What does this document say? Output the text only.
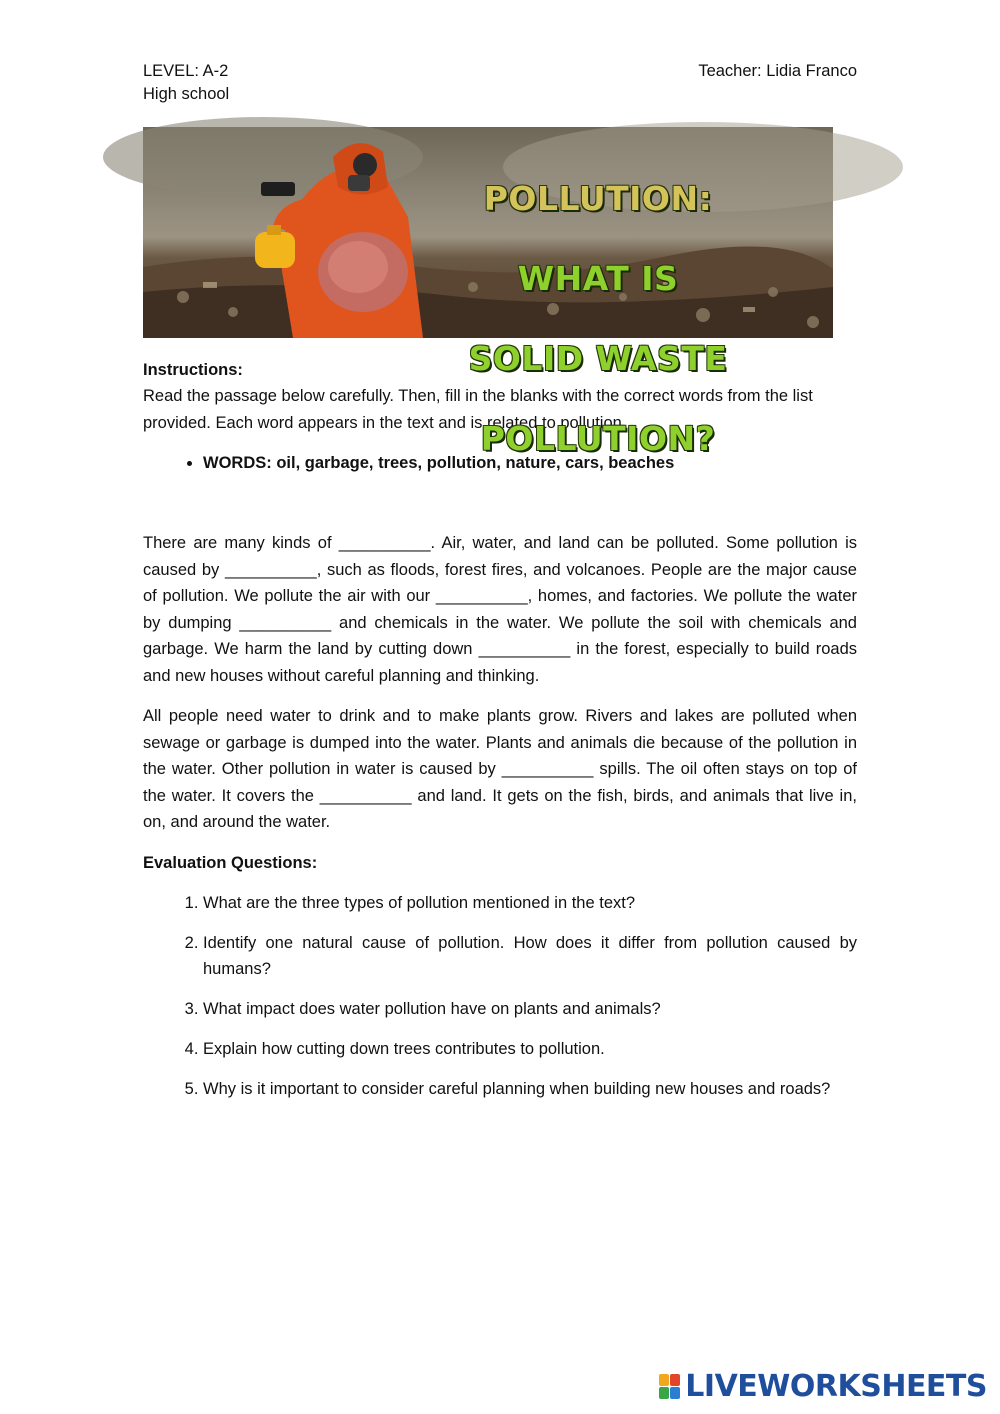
LEVEL: A-2
High school
Teacher: Lidia Franco

POLLUTION:

WHAT IS

SOLID WASTE

POLLUTION?

Instructions:

Read the passage below carefully. Then, fill in the blanks with the correct words from the list provided. Each word appears in the text and is related to pollution.

• WORDS: oil, garbage, trees, pollution, nature, cars, beaches

There are many kinds of __________. Air, water, and land can be polluted. Some pollution is caused by __________, such as floods, forest fires, and volcanoes. People are the major cause of pollution. We pollute the air with our __________, homes, and factories. We pollute the water by dumping __________ and chemicals in the water. We pollute the soil with chemicals and garbage. We harm the land by cutting down __________ in the forest, especially to build roads and new houses without careful planning and thinking.

All people need water to drink and to make plants grow. Rivers and lakes are polluted when sewage or garbage is dumped into the water. Plants and animals die because of the pollution in the water. Other pollution in water is caused by __________ spills. The oil often stays on top of the water. It covers the __________ and land. It gets on the fish, birds, and animals that live in, on, and around the water.

Evaluation Questions:
1. What are the three types of pollution mentioned in the text?
2. Identify one natural cause of pollution. How does it differ from pollution caused by humans?
3. What impact does water pollution have on plants and animals?
4. Explain how cutting down trees contributes to pollution.
5. Why is it important to consider careful planning when building new houses and roads?
LIVEWORKSHEETS
